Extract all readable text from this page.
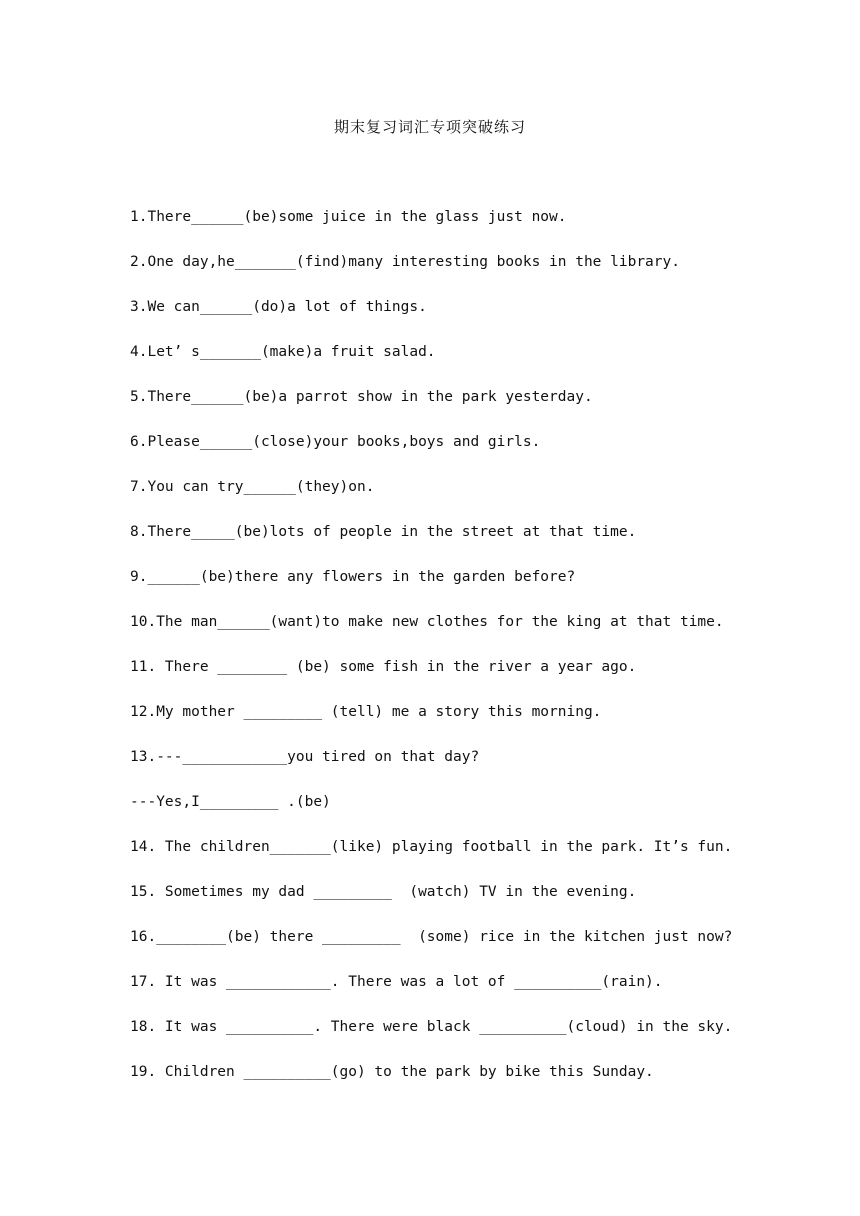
期末复习词汇专项突破练习
1.There______(be)some juice in the glass just now.
2.One day,he_______(find)many interesting books in the library.
3.We can______(do)a lot of things.
4.Let’ s_______(make)a fruit salad.
5.There______(be)a parrot show in the park yesterday.
6.Please______(close)your books,boys and girls.
7.You can try______(they)on.
8.There_____(be)lots of people in the street at that time.
9.______(be)there any flowers in the garden before?
10.The man______(want)to make new clothes for the king at that time.
11. There ________ (be) some fish in the river a year ago.
12.My mother _________ (tell) me a story this morning.
13.---____________you tired on that day?
---Yes,I_________ .(be)
14. The children_______(like) playing football in the park. It’s fun.
15. Sometimes my dad _________  (watch) TV in the evening.
16.________(be) there _________  (some) rice in the kitchen just now?
17. It was ____________. There was a lot of __________(rain).
18. It was __________. There were black __________(cloud) in the sky.
19. Children __________(go) to the park by bike this Sunday.
